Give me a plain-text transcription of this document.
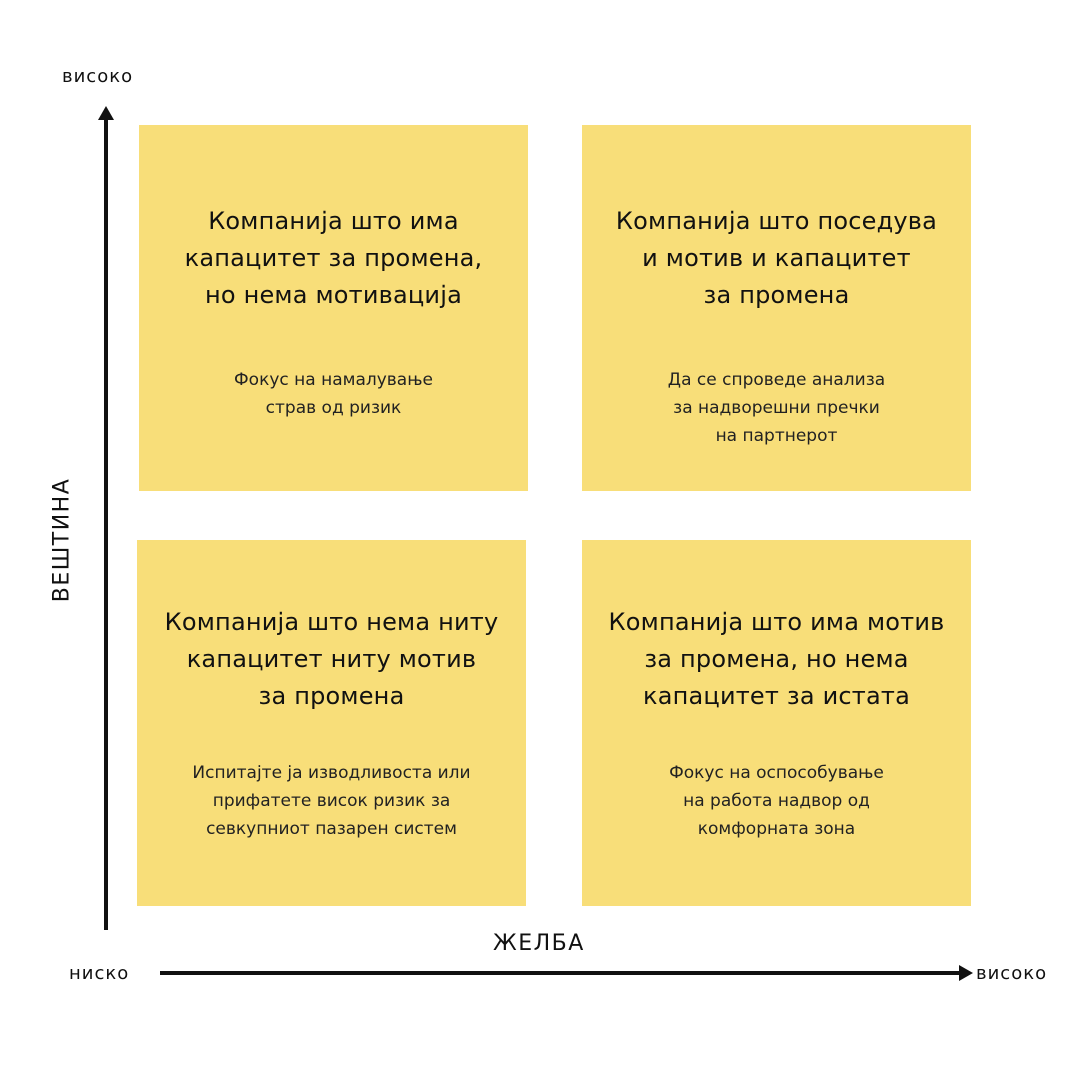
високо
ВЕШТИНА
ЖЕЛБА
ниско	високо
Компанија што има
капацитет за промена,
но нема мотивација
Фокус на намалување
страв од ризик
Компанија што поседува
и мотив и капацитет
за промена
Да се спроведе анализа
за надворешни пречки
на партнерот
Компанија што нема ниту
капацитет ниту мотив
за промена
Испитајте ја изводливоста или
прифатете висок ризик за
севкупниот пазарен систем
Компанија што има мотив
за промена, но нема
капацитет за истата
Фокус на оспособување
на работа надвор од
комфорната зона
